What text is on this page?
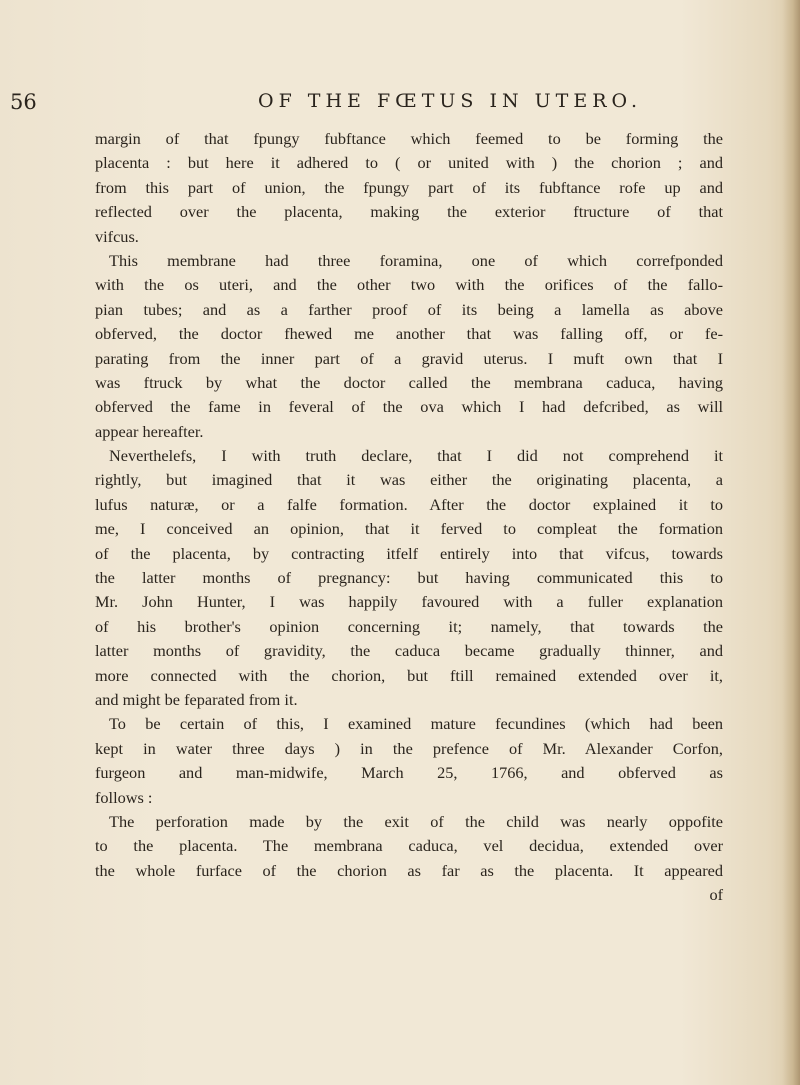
56	OF THE FŒTUS IN UTERO.
margin of that fpungy fubftance which feemed to be forming the
placenta : but here it adhered to ( or united with ) the chorion ; and
from this part of union, the fpungy part of its fubftance rofe up and
reflected over the placenta, making the exterior ftructure of that
vifcus.
This membrane had three foramina, one of which correfponded
with the os uteri, and the other two with the orifices of the fallo-
pian tubes; and as a farther proof of its being a lamella as above
obferved, the doctor fhewed me another that was falling off, or fe-
parating from the inner part of a gravid uterus. I muft own that I
was ftruck by what the doctor called the membrana caduca, having
obferved the fame in feveral of the ova which I had defcribed, as will
appear hereafter.
Neverthelefs, I with truth declare, that I did not comprehend it
rightly, but imagined that it was either the originating placenta, a
lufus naturæ, or a falfe formation. After the doctor explained it to
me, I conceived an opinion, that it ferved to compleat the formation
of the placenta, by contracting itfelf entirely into that vifcus, towards
the latter months of pregnancy: but having communicated this to
Mr. John Hunter, I was happily favoured with a fuller explanation
of his brother's opinion concerning it; namely, that towards the
latter months of gravidity, the caduca became gradually thinner, and
more connected with the chorion, but ftill remained extended over it,
and might be feparated from it.
To be certain of this, I examined mature fecundines (which had been
kept in water three days ) in the prefence of Mr. Alexander Corfon,
furgeon and man-midwife, March 25, 1766, and obferved as
follows :
The perforation made by the exit of the child was nearly oppofite
to the placenta. The membrana caduca, vel decidua, extended over
the whole furface of the chorion as far as the placenta. It appeared
of
